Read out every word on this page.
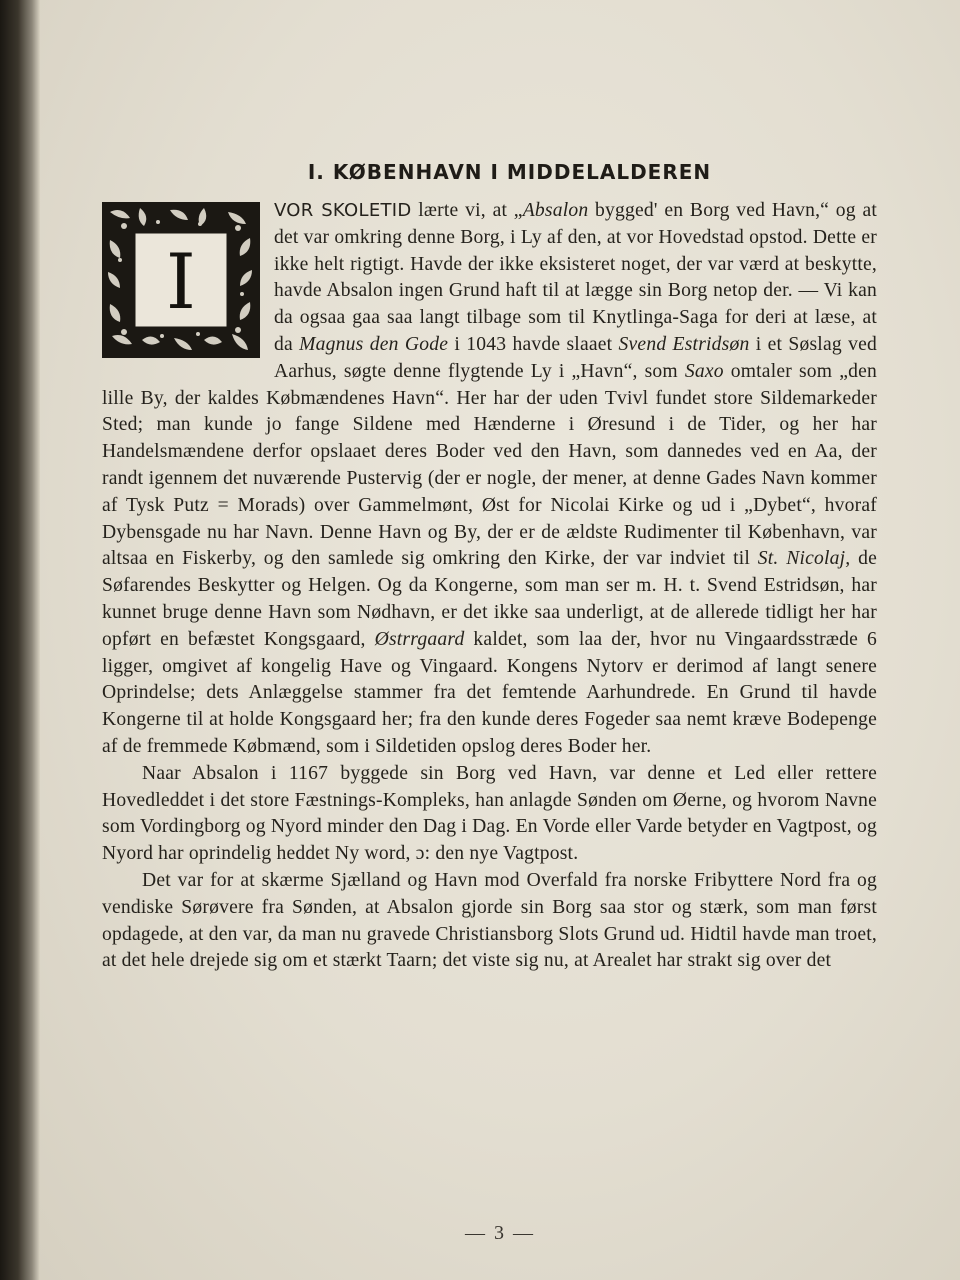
I. KØBENHAVN I MIDDELALDEREN
I

VOR SKOLETID lærte vi, at „Absalon bygged' en Borg ved Havn,“ og at det var omkring denne Borg, i Ly af den, at vor Hovedstad opstod. Dette er ikke helt rigtigt. Havde der ikke eksisteret noget, der var værd at beskytte, havde Absalon ingen Grund haft til at lægge sin Borg netop der. — Vi kan da ogsaa gaa saa langt tilbage som til Knytlinga-Saga for deri at læse, at da Magnus den Gode i 1043 havde slaaet Svend Estridsøn i et Søslag ved Aarhus, søgte denne flygtende Ly i „Havn“, som Saxo omtaler som „den lille By, der kaldes Købmændenes Havn“. Her har der uden Tvivl fundet store Sildemarkeder Sted; man kunde jo fange Sildene med Hænderne i Øresund i de Tider, og her har Handelsmændene derfor opslaaet deres Boder ved den Havn, som dannedes ved en Aa, der randt igennem det nuværende Pustervig (der er nogle, der mener, at denne Gades Navn kommer af Tysk Putz = Morads) over Gammelmønt, Øst for Nicolai Kirke og ud i „Dybet“, hvoraf Dybensgade nu har Navn. Denne Havn og By, der er de ældste Rudimenter til København, var altsaa en Fiskerby, og den samlede sig omkring den Kirke, der var indviet til St. Nicolaj, de Søfarendes Beskytter og Helgen. Og da Kongerne, som man ser m. H. t. Svend Estridsøn, har kunnet bruge denne Havn som Nødhavn, er det ikke saa underligt, at de allerede tidligt her har opført en befæstet Kongsgaard, Østrrgaard kaldet, som laa der, hvor nu Vingaardsstræde 6 ligger, omgivet af kongelig Have og Vingaard. Kongens Nytorv er derimod af langt senere Oprindelse; dets Anlæggelse stammer fra det femtende Aarhundrede. En Grund til havde Kongerne til at holde Kongsgaard her; fra den kunde deres Fogeder saa nemt kræve Bodepenge af de fremmede Købmænd, som i Sildetiden opslog deres Boder her.

Naar Absalon i 1167 byggede sin Borg ved Havn, var denne et Led eller rettere Hovedleddet i det store Fæstnings-Kompleks, han anlagde Sønden om Øerne, og hvorom Navne som Vordingborg og Nyord minder den Dag i Dag. En Vorde eller Varde betyder en Vagtpost, og Nyord har oprindelig heddet Ny word, ɔ: den nye Vagtpost.

Det var for at skærme Sjælland og Havn mod Overfald fra norske Fribyttere Nord fra og vendiske Sørøvere fra Sønden, at Absalon gjorde sin Borg saa stor og stærk, som man først opdagede, at den var, da man nu gravede Christiansborg Slots Grund ud. Hidtil havde man troet, at det hele drejede sig om et stærkt Taarn; det viste sig nu, at Arealet har strakt sig over det

— 3 —
